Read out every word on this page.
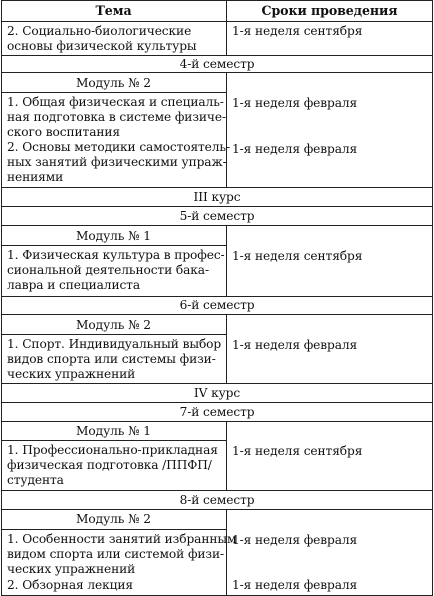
Тема	Сроки проведения
2. Социально-биологические
основы физической культуры
1-я неделя сентября
4-й семестр
Модуль № 2
1. Общая физическая и специаль-
ная подготовка в системе физиче-
ского воспитания
1-я неделя февраля
2. Основы методики самостоятель-
ных занятий физическими упраж-
нениями
1-я неделя февраля
III курс
5-й семестр
Модуль № 1
1. Физическая культура в профес-
сиональной деятельности бака-
лавра и специалиста
1-я неделя сентября
6-й семестр
Модуль № 2
1. Спорт. Индивидуальный выбор
видов спорта или системы физи-
ческих упражнений
1-я неделя февраля
IV курс
7-й семестр
Модуль № 1
1. Профессионально-прикладная
физическая подготовка /ППФП/
студента
1-я неделя сентября
8-й семестр
Модуль № 2
1. Особенности занятий избранным
видом спорта или системой физи-
ческих упражнений
1-я неделя февраля
2. Обзорная лекция	1-я неделя февраля
